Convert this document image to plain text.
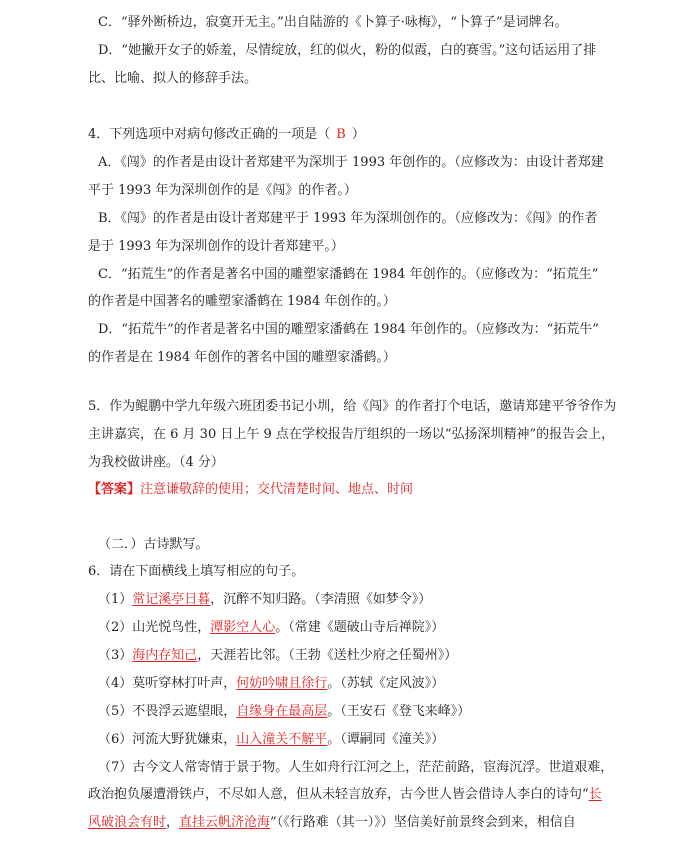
C．“驿外断桥边，寂寞开无主。”出自陆游的《卜算子·咏梅》，“卜算子”是词牌名。
D．“她撇开女子的娇羞，尽情绽放，红的似火，粉的似霞，白的赛雪。”这句话运用了排
比、比喻、拟人的修辞手法。
4．下列选项中对病句修改正确的一项是（ B ）
A．《闯》的作者是由设计者郑建平为深圳于 1993 年创作的。（应修改为：由设计者郑建
平于 1993 年为深圳创作的是《闯》的作者。）
B．《闯》的作者是由设计者郑建平于 1993 年为深圳创作的。（应修改为：《闯》的作者
是于 1993 年为深圳创作的设计者郑建平。）
C．“拓荒生”的作者是著名中国的雕塑家潘鹤在 1984 年创作的。（应修改为：“拓荒生”
的作者是中国著名的雕塑家潘鹤在 1984 年创作的。）
D．“拓荒牛”的作者是著名中国的雕塑家潘鹤在 1984 年创作的。（应修改为：“拓荒牛”
的作者是在 1984 年创作的著名中国的雕塑家潘鹤。）
5．作为鲲鹏中学九年级六班团委书记小圳，给《闯》的作者打个电话，邀请郑建平爷爷作为
主讲嘉宾，在 6 月 30 日上午 9 点在学校报告厅组织的一场以“弘扬深圳精神”的报告会上，
为我校做讲座。（4 分）
【答案】注意谦敬辞的使用；交代清楚时间、地点、时间
（二．）古诗默写。
6．请在下面横线上填写相应的句子。
（1）常记溪亭日暮，沉醉不知归路。（李清照《如梦令》）
（2）山光悦鸟性，潭影空人心。（常建《题破山寺后禅院》）
（3）海内存知己，天涯若比邻。（王勃《送杜少府之任蜀州》）
（4）莫听穿林打叶声，何妨吟啸且徐行。（苏轼《定风波》）
（5）不畏浮云遮望眼，自缘身在最高层。（王安石《登飞来峰》）
（6）河流大野犹嫌束，山入潼关不解平。（谭嗣同《潼关》）
（7）古今文人常寄情于景于物。人生如舟行江河之上，茫茫前路，宦海沉浮。世道艰难，
政治抱负屡遭滑铁卢，不尽如人意，但从未轻言放弃，古今世人皆会借诗人李白的诗句“长
风破浪会有时，直挂云帆济沧海”（《行路难（其一）》）坚信美好前景终会到来，相信自
